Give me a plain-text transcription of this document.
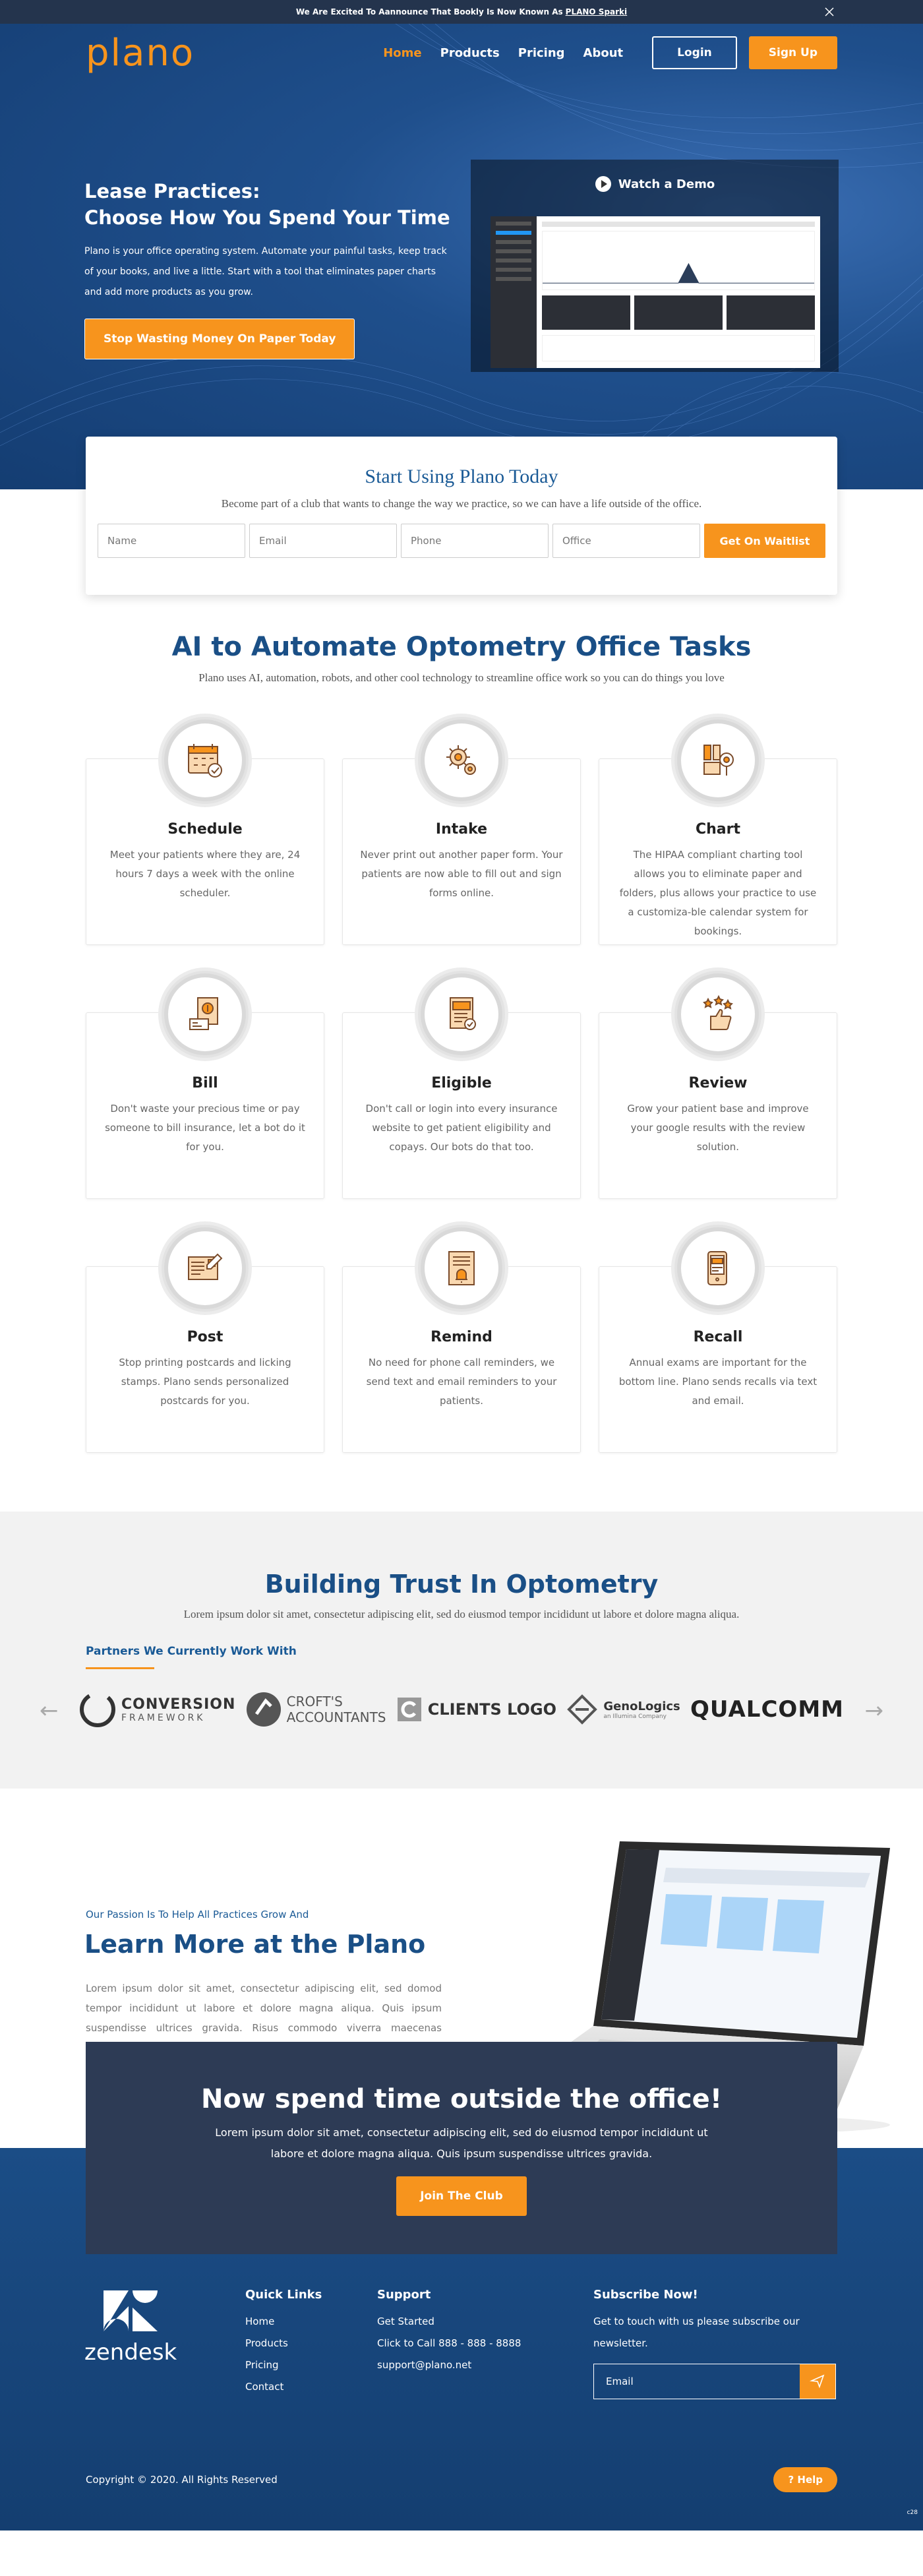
We Are Excited To Aannounce That Bookly Is Now Known As PLANO Sparki
plano	Home Products Pricing About	Login	Sign Up
Lease Practices:
Choose How You Spend Your Time

Plano is your office operating system. Automate your painful tasks, keep track of your books, and live a little. Start with a tool that eliminates paper charts and add more products as you grow.

Stop Wasting Money On Paper Today
Watch a Demo
Start Using Plano Today

Become part of a club that wants to change the way we practice, so we can have a life outside of the office.

Name
Email
Phone
Office
Get On Waitlist
AI to Automate Optometry Office Tasks

Plano uses AI, automation, robots, and other cool technology to streamline office work so you can do things you love

Schedule

Meet your patients where they are, 24 hours 7 days a week with the online scheduler.

Intake

Never print out another paper form. Your patients are now able to fill out and sign forms online.

Chart

The HIPAA compliant charting tool allows you to eliminate paper and folders, plus allows your practice to use a customiza-ble calendar system for bookings.

Bill

Don't waste your precious time or pay someone to bill insurance, let a bot do it for you.

Eligible

Don't call or login into every insurance website to get patient eligibility and copays. Our bots do that too.

Review

Grow your patient base and improve your google results with the review solution.

Post

Stop printing postcards and licking stamps. Plano sends personalized postcards for you.

Remind

No need for phone call reminders, we send text and email reminders to your patients.

Recall

Annual exams are important for the bottom line. Plano sends recalls via text and email.

Building Trust In Optometry

Lorem ipsum dolor sit amet, consectetur adipiscing elit, sed do eiusmod tempor incididunt ut labore et dolore magna aliqua.

Partners We Currently Work With
←	→
CONVERSION
FRAMEWORK
CROFT'S
ACCOUNTANTS	CLIENTS LOGO	GenoLogics
an Illumina Company	QUALCOMM
Our Passion Is To Help All Practices Grow And
Learn More at the Plano

Lorem ipsum dolor sit amet, consectetur adipiscing elit, sed domod tempor incididunt ut labore et dolore magna aliqua. Quis ipsum suspendisse ultrices gravida. Risus commodo viverra maecenas

Now spend time outside the office!

Lorem ipsum dolor sit amet, consectetur adipiscing elit, sed do eiusmod tempor incididunt ut labore et dolore magna aliqua. Quis ipsum suspendisse ultrices gravida.

Join The Club
zendesk
Quick Links
Home
Products
Pricing
Contact
Support
Get Started
Click to Call 888 - 888 - 8888
support@plano.net
Subscribe Now!

Get to touch with us please subscribe our newsletter.

Email
Copyright © 2020. All Rights Reserved	? Help
c28
